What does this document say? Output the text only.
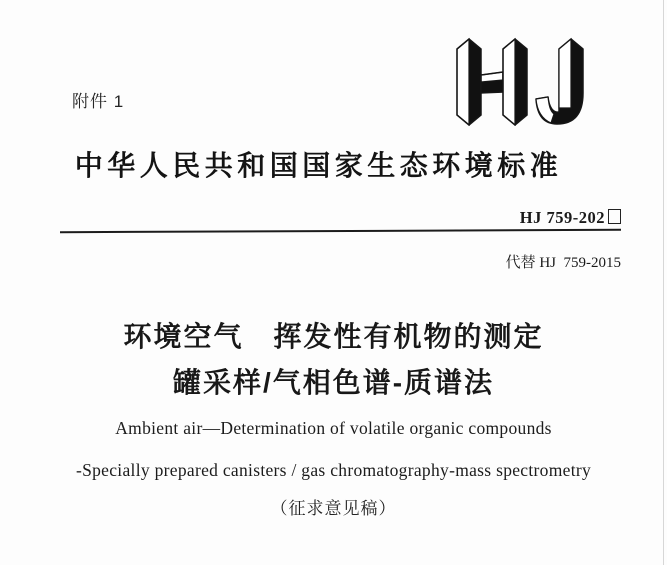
附件 1
中华人民共和国国家生态环境标准

HJ 759-202

代替 HJ  759-2015
环境空气　挥发性有机物的测定
罐采样/气相色谱-质谱法
Ambient air—Determination of volatile organic compounds
-Specially prepared canisters / gas chromatography-mass spectrometry
（征求意见稿）
